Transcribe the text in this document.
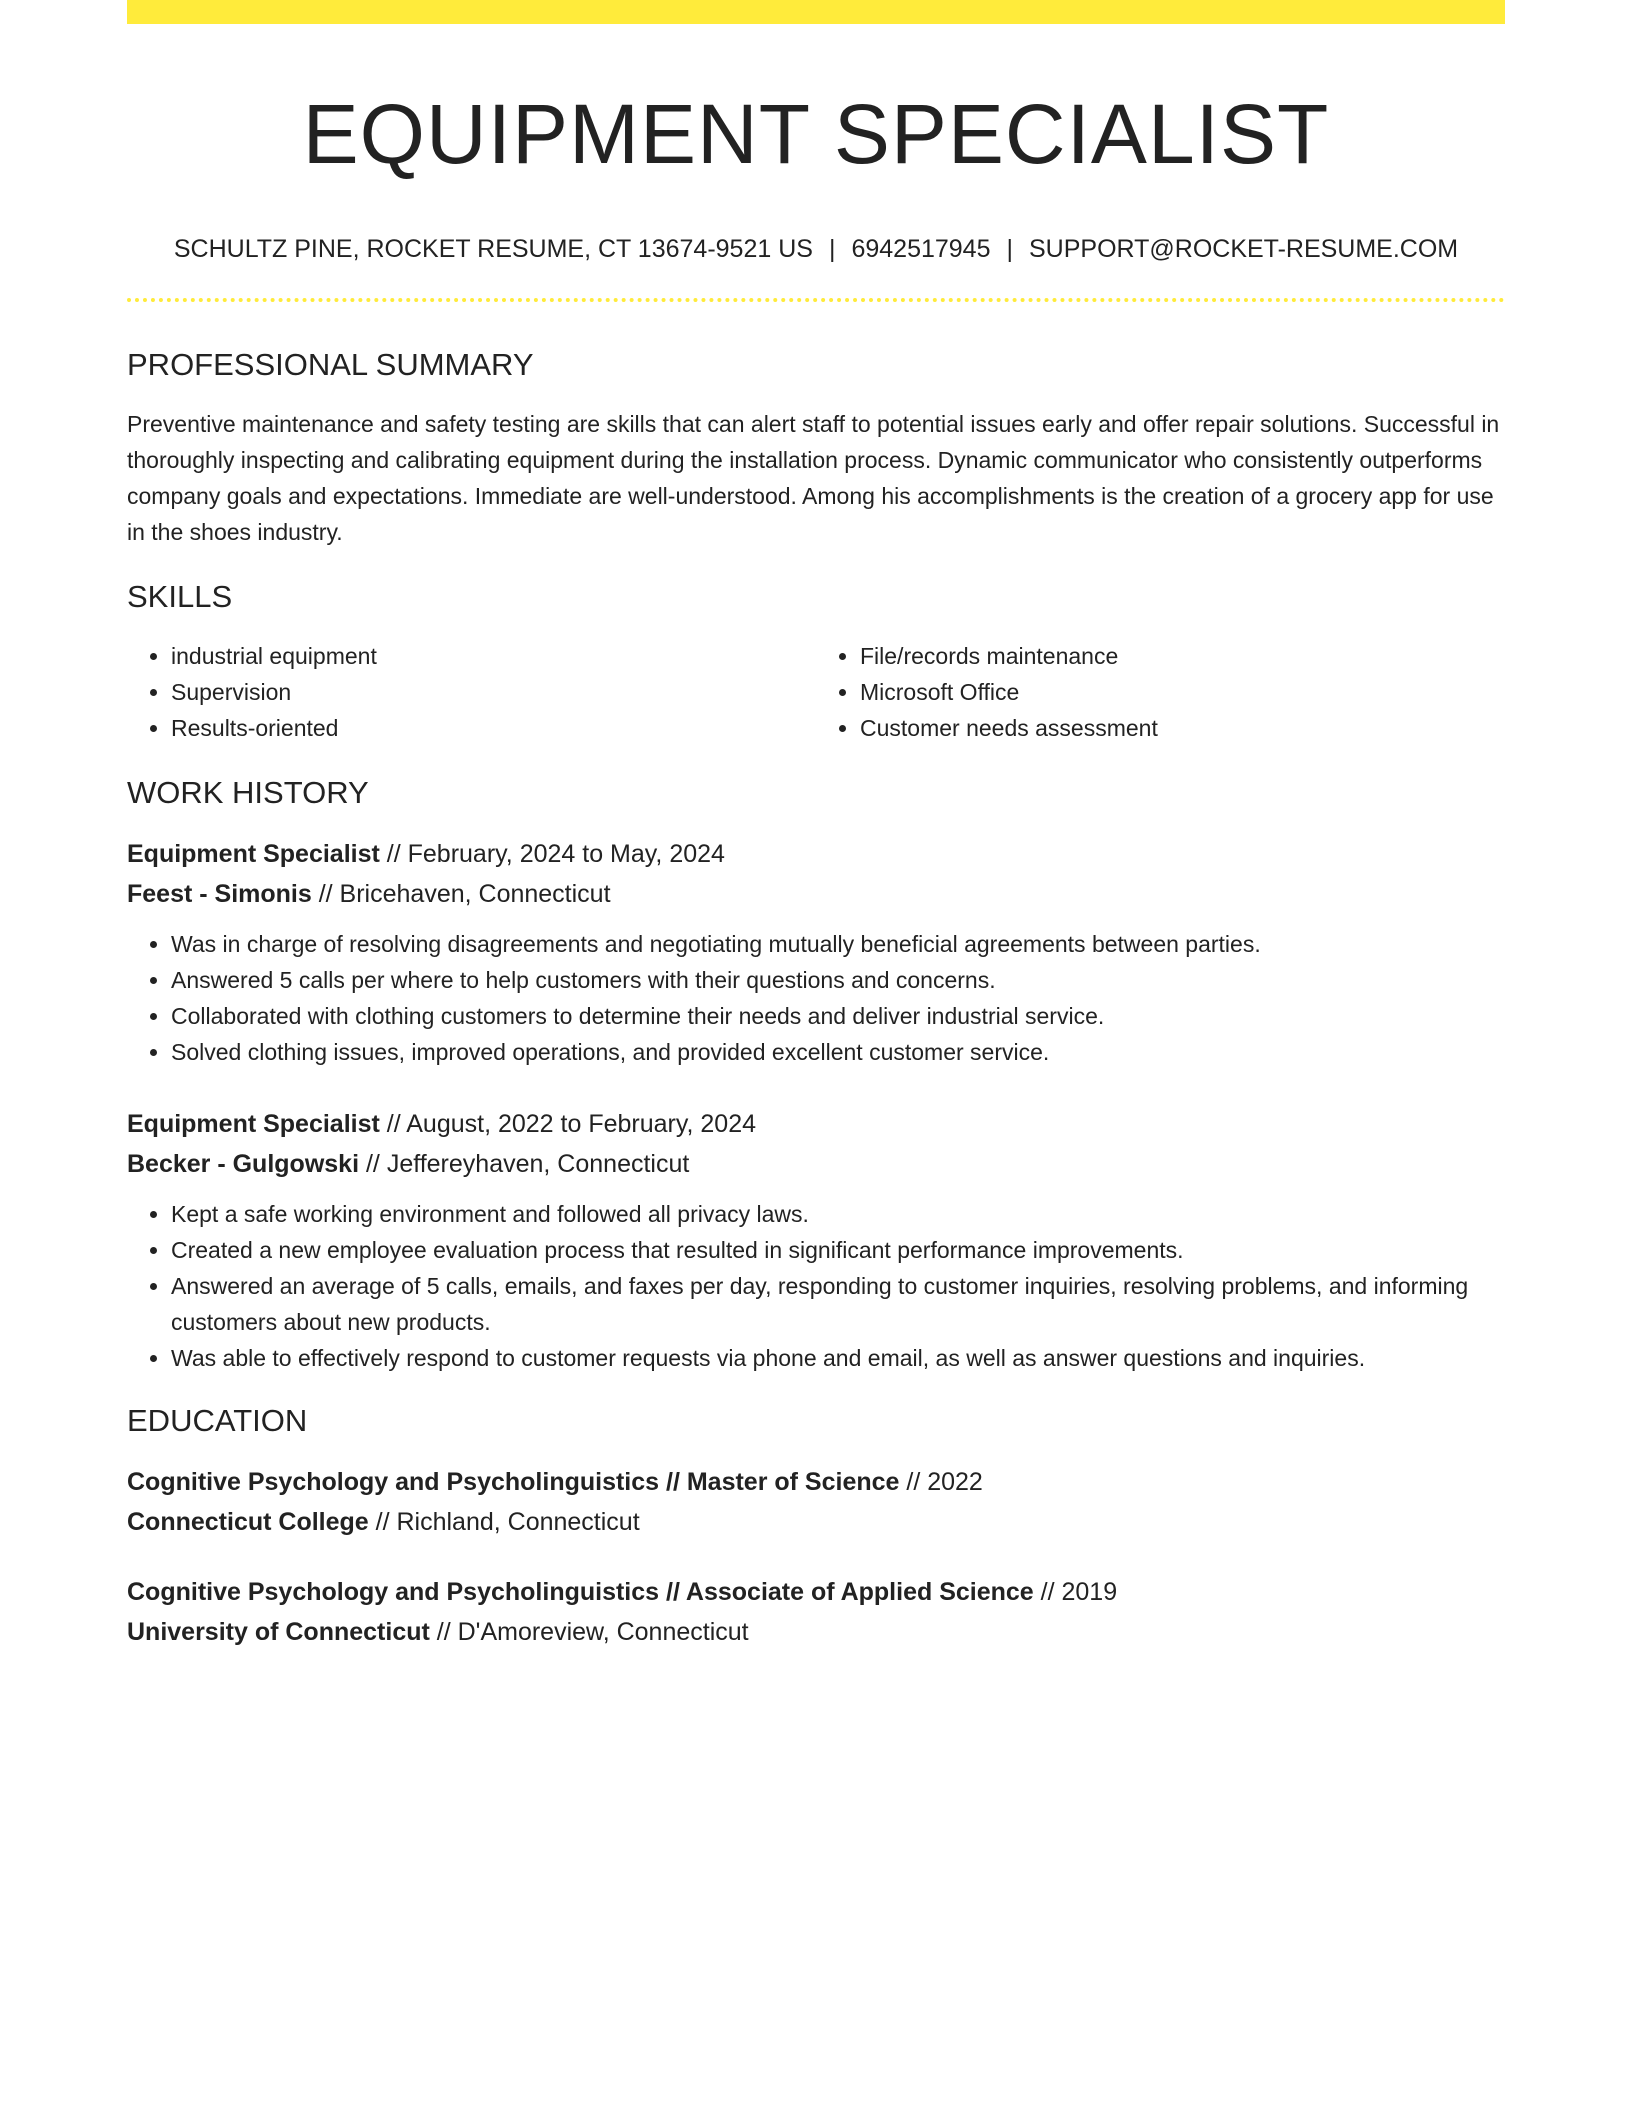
EQUIPMENT SPECIALIST
SCHULTZ PINE, ROCKET RESUME, CT 13674-9521 US | 6942517945 | SUPPORT@ROCKET-RESUME.COM
PROFESSIONAL SUMMARY
Preventive maintenance and safety testing are skills that can alert staff to potential issues early and offer repair solutions. Successful in thoroughly inspecting and calibrating equipment during the installation process. Dynamic communicator who consistently outperforms company goals and expectations. Immediate are well-understood. Among his accomplishments is the creation of a grocery app for use in the shoes industry.
SKILLS
• industrial equipment
• Supervision
• Results-oriented
• File/records maintenance
• Microsoft Office
• Customer needs assessment
WORK HISTORY
Equipment Specialist // February, 2024 to May, 2024
Feest - Simonis // Bricehaven, Connecticut
• Was in charge of resolving disagreements and negotiating mutually beneficial agreements between parties.
• Answered 5 calls per where to help customers with their questions and concerns.
• Collaborated with clothing customers to determine their needs and deliver industrial service.
• Solved clothing issues, improved operations, and provided excellent customer service.
Equipment Specialist // August, 2022 to February, 2024
Becker - Gulgowski // Jeffereyhaven, Connecticut
• Kept a safe working environment and followed all privacy laws.
• Created a new employee evaluation process that resulted in significant performance improvements.
• Answered an average of 5 calls, emails, and faxes per day, responding to customer inquiries, resolving problems, and informing customers about new products.
• Was able to effectively respond to customer requests via phone and email, as well as answer questions and inquiries.
EDUCATION
Cognitive Psychology and Psycholinguistics // Master of Science // 2022
Connecticut College // Richland, Connecticut
Cognitive Psychology and Psycholinguistics // Associate of Applied Science // 2019
University of Connecticut // D'Amoreview, Connecticut
